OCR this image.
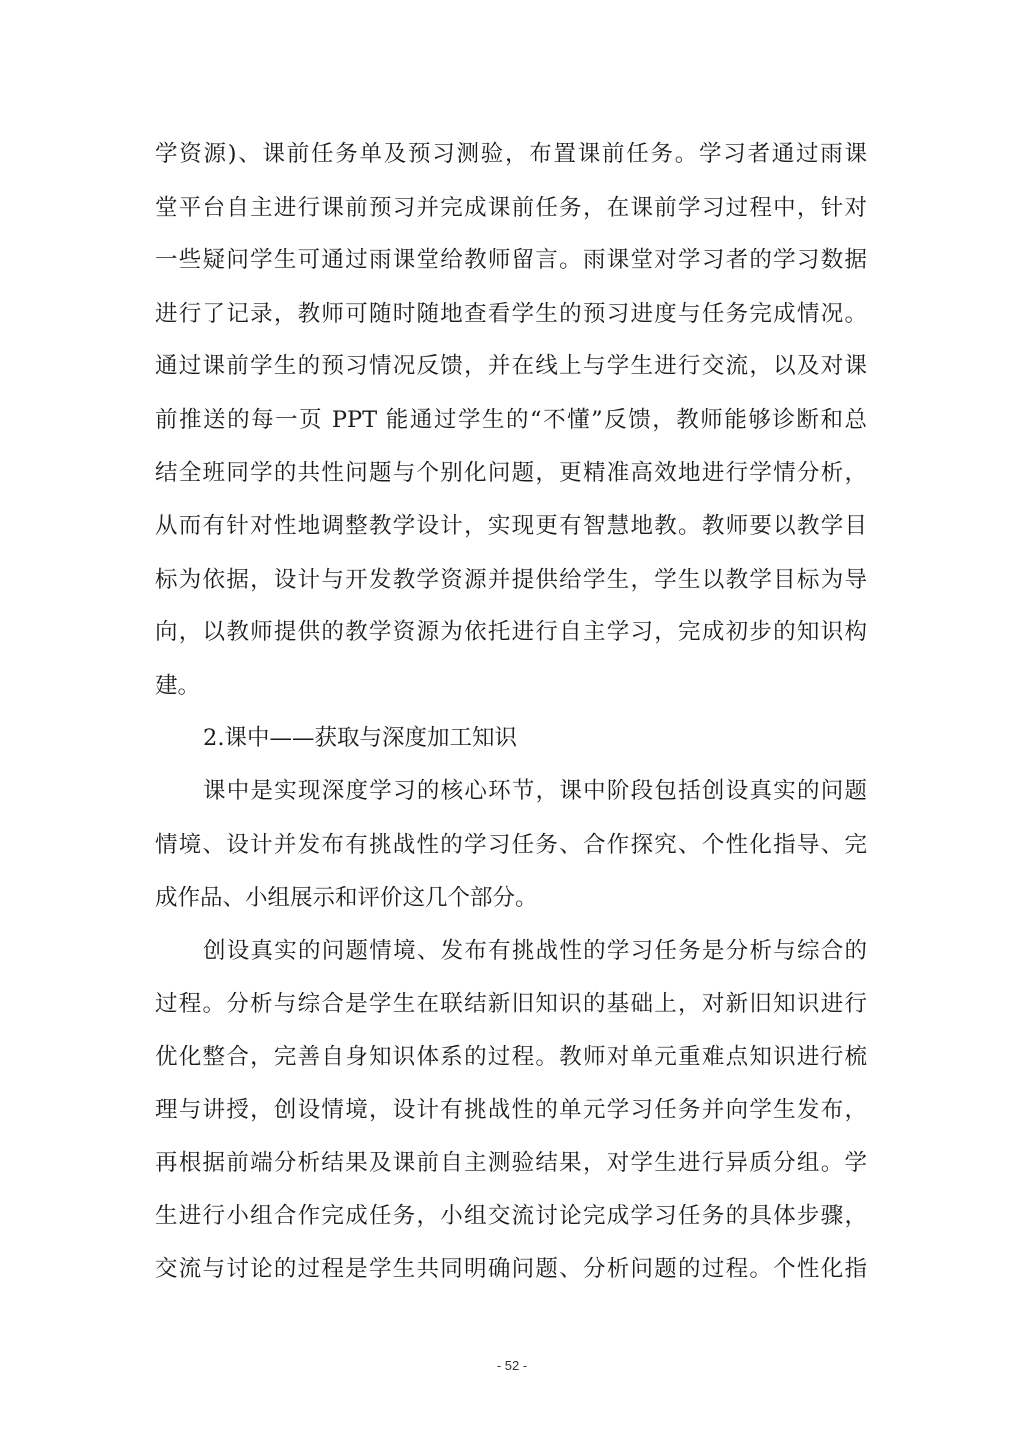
学资源)、课前任务单及预习测验，布置课前任务。学习者通过雨课
堂平台自主进行课前预习并完成课前任务，在课前学习过程中，针对
一些疑问学生可通过雨课堂给教师留言。雨课堂对学习者的学习数据
进行了记录，教师可随时随地查看学生的预习进度与任务完成情况。
通过课前学生的预习情况反馈，并在线上与学生进行交流，以及对课
前推送的每一页 PPT 能通过学生的“不懂”反馈，教师能够诊断和总
结全班同学的共性问题与个别化问题，更精准高效地进行学情分析，
从而有针对性地调整教学设计，实现更有智慧地教。教师要以教学目
标为依据，设计与开发教学资源并提供给学生，学生以教学目标为导
向，以教师提供的教学资源为依托进行自主学习，完成初步的知识构
建。
2.课中——获取与深度加工知识
课中是实现深度学习的核心环节，课中阶段包括创设真实的问题
情境、设计并发布有挑战性的学习任务、合作探究、个性化指导、完
成作品、小组展示和评价这几个部分。
创设真实的问题情境、发布有挑战性的学习任务是分析与综合的
过程。分析与综合是学生在联结新旧知识的基础上，对新旧知识进行
优化整合，完善自身知识体系的过程。教师对单元重难点知识进行梳
理与讲授，创设情境，设计有挑战性的单元学习任务并向学生发布，
再根据前端分析结果及课前自主测验结果，对学生进行异质分组。学
生进行小组合作完成任务，小组交流讨论完成学习任务的具体步骤，
交流与讨论的过程是学生共同明确问题、分析问题的过程。个性化指
- 52 -
